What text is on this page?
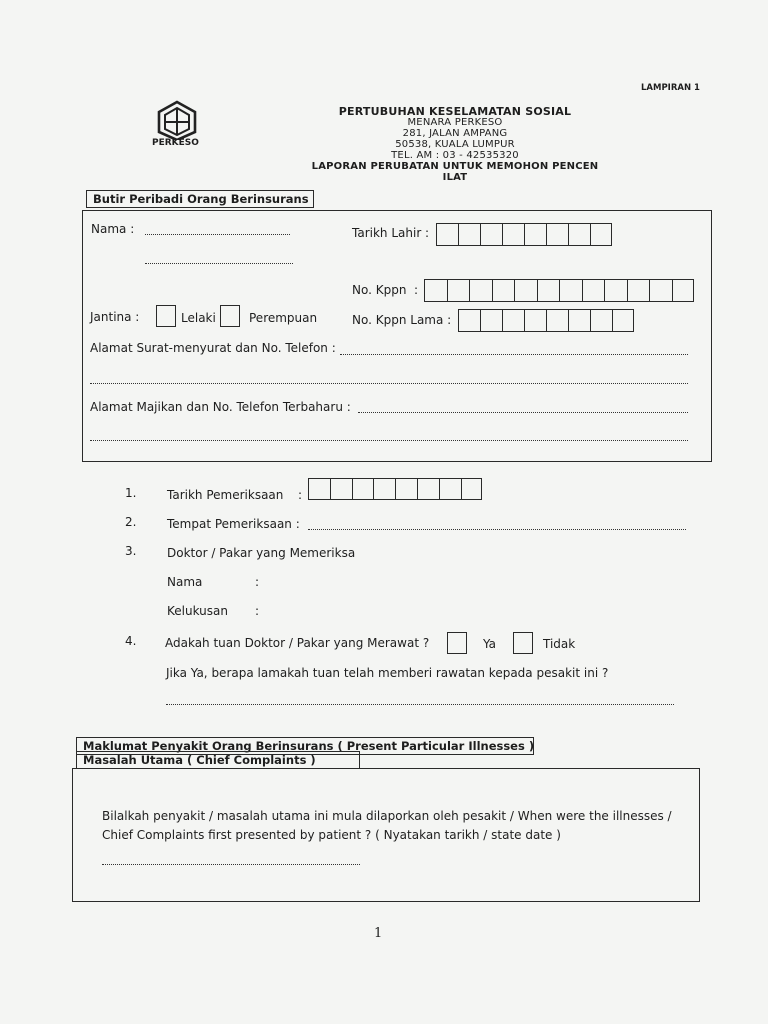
LAMPIRAN 1
PERKESO
PERTUBUHAN KESELAMATAN SOSIAL
MENARA PERKESO
281, JALAN AMPANG
50538, KUALA LUMPUR
TEL. AM : 03 - 42535320
LAPORAN PERUBATAN UNTUK MEMOHON PENCEN ILAT
Butir Peribadi Orang Berinsurans
Nama :	Tarikh Lahir :
No. Kppn :
Jantina :	Lelaki	Perempuan	No. Kppn Lama :
Alamat Surat-menyurat dan No. Telefon :
Alamat Majikan dan No. Telefon Terbaharu :
1.	Tarikh Pemeriksaan :
2.	Tempat Pemeriksaan :
3.	Doktor / Pakar yang Memeriksa
Nama	:
Kelukusan :
4. Adakah tuan Doktor / Pakar yang Merawat ?	Ya	Tidak
Jika Ya, berapa lamakah tuan telah memberi rawatan kepada pesakit ini ?
Maklumat Penyakit Orang Berinsurans ( Present Particular Illnesses )
Masalah Utama ( Chief Complaints )
Bilalkah penyakit / masalah utama ini mula dilaporkan oleh pesakit / When were the illnesses /
Chief Complaints first presented by patient ? ( Nyatakan tarikh / state date )
1
